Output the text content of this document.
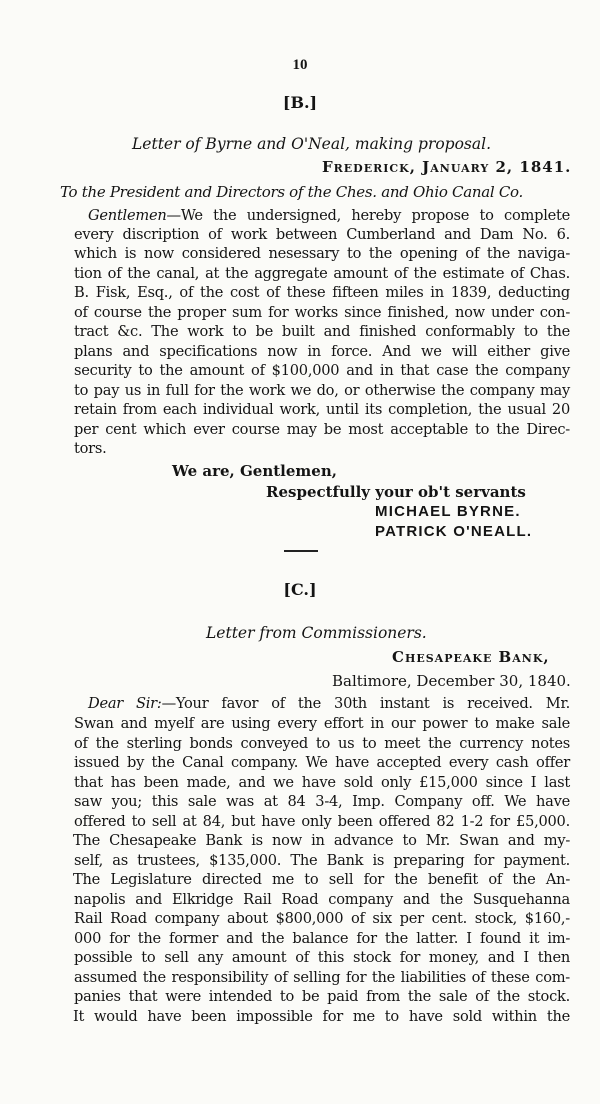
10
[B.]
Letter of Byrne and O'Neal, making proposal.
Frederick, January 2, 1841.
To the President and Directors of the Ches. and Ohio Canal Co.
Gentlemen—We the undersigned, hereby propose to complete
every discription of work between Cumberland and Dam No. 6.
which is now considered nesessary to the opening of the naviga-
tion of the canal, at the aggregate amount of the estimate of Chas.
B. Fisk, Esq., of the cost of these fifteen miles in 1839, deducting
of course the proper sum for works since finished, now under con-
tract &c. The work to be built and finished conformably to the
plans and specifications now in force. And we will either give
security to the amount of $100,000 and in that case the company
to pay us in full for the work we do, or otherwise the company may
retain from each individual work, until its completion, the usual 20
per cent which ever course may be most acceptable to the Direc-
tors.
We are, Gentlemen,
Respectfully your ob't servants
MICHAEL BYRNE.
PATRICK O'NEALL.
[C.]
Letter from Commissioners.
Chesapeake Bank,
Baltimore, December 30, 1840.
Dear Sir:—Your favor of the 30th instant is received. Mr.
Swan and myelf are using every effort in our power to make sale
of the sterling bonds conveyed to us to meet the currency notes
issued by the Canal company. We have accepted every cash offer
that has been made, and we have sold only £15,000 since I last
saw you; this sale was at 84 3-4, Imp. Company off. We have
offered to sell at 84, but have only been offered 82 1-2 for £5,000.
The Chesapeake Bank is now in advance to Mr. Swan and my-
self, as trustees, $135,000. The Bank is preparing for payment.
The Legislature directed me to sell for the benefit of the An-
napolis and Elkridge Rail Road company and the Susquehanna
Rail Road company about $800,000 of six per cent. stock, $160,-
000 for the former and the balance for the latter. I found it im-
possible to sell any amount of this stock for money, and I then
assumed the responsibility of selling for the liabilities of these com-
panies that were intended to be paid from the sale of the stock.
It would have been impossible for me to have sold within the
